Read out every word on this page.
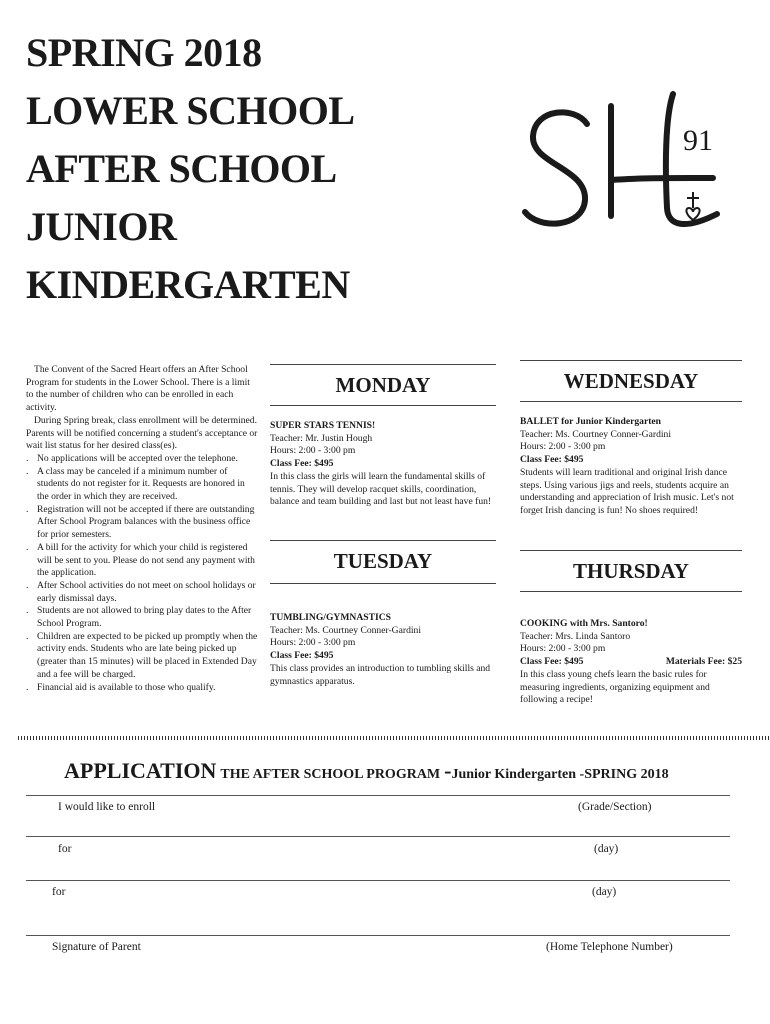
SPRING 2018
LOWER SCHOOL
AFTER SCHOOL
JUNIOR
KINDERGARTEN
91

The Convent of the Sacred Heart offers an After School Program for students in the Lower School. There is a limit to the number of children who can be enrolled in each activity.

During Spring break, class enrollment will be determined. Parents will be notified concerning a student's acceptance or wait list status for her desired class(es).

. No applications will be accepted over the telephone.

. A class may be canceled if a minimum number of students do not register for it. Requests are honored in the order in which they are received.

. Registration will not be accepted if there are outstanding After School Program balances with the business office for prior semesters.

. A bill for the activity for which your child is registered will be sent to you. Please do not send any payment with the application.

. After School activities do not meet on school holidays or early dismissal days.

. Students are not allowed to bring play dates to the After School Program.

. Children are expected to be picked up promptly when the activity ends. Students who are late being picked up (greater than 15 minutes) will be placed in Extended Day and a fee will be charged.

. Financial aid is available to those who qualify.

MONDAY

SUPER STARS TENNIS!

Teacher: Mr. Justin Hough

Hours: 2:00 - 3:00 pm

Class Fee: $495

In this class the girls will learn the fundamental skills of tennis. They will develop racquet skills, coordination, balance and team building and last but not least have fun!

TUESDAY

TUMBLING/GYMNASTICS

Teacher: Ms. Courtney Conner-Gardini

Hours: 2:00 - 3:00 pm

Class Fee: $495

This class provides an introduction to tumbling skills and gymnastics apparatus.

WEDNESDAY

BALLET for Junior Kindergarten

Teacher: Ms. Courtney Conner-Gardini

Hours: 2:00 - 3:00 pm

Class Fee: $495

Students will learn traditional and original Irish dance steps. Using various jigs and reels, students acquire an understanding and appreciation of Irish music. Let's not forget Irish dancing is fun! No shoes required!

THURSDAY

COOKING with Mrs. Santoro!

Teacher: Mrs. Linda Santoro

Hours: 2:00 - 3:00 pm

Class Fee: $495	Materials Fee: $25

In this class young chefs learn the basic rules for measuring ingredients, organizing equipment and following a recipe!

APPLICATION THE AFTER SCHOOL PROGRAM -Junior Kindergarten -SPRING 2018
I would like to enroll	(Grade/Section)
for	(day)
for	(day)
Signature of Parent	(Home Telephone Number)
